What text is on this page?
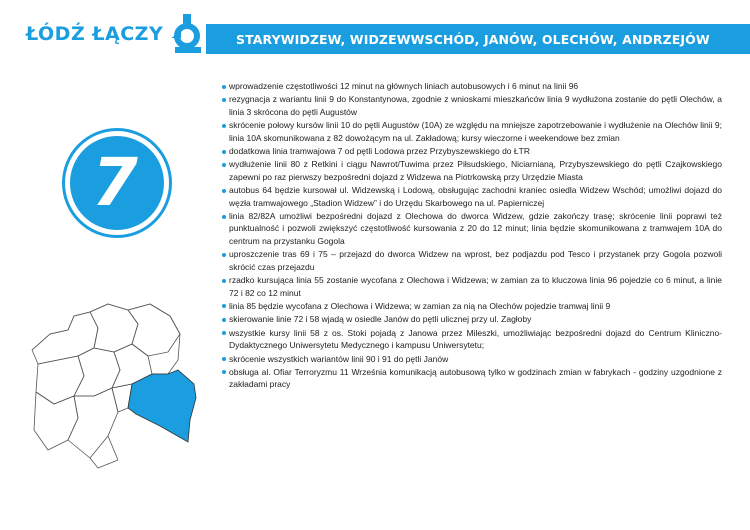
ŁÓDŹ ŁĄCZY	STARYWIDZEW, WIDZEWWSCHÓD, JANÓW, OLECHÓW, ANDRZEJÓW
7
wprowadzenie częstotliwości 12 minut na głównych liniach autobusowych i 6 minut na linii 96
rezygnacja z wariantu linii 9 do Konstantynowa, zgodnie z wnioskami mieszkańców linia 9 wydłużona zostanie do pętli Olechów, a linia 3 skrócona do pętli Augustów
skrócenie połowy kursów linii 10 do pętli Augustów (10A) ze względu na mniejsze zapotrzebowanie i wydłużenie na Olechów linii 9; linia 10A skomunikowana z 82 dowożącym na ul. Zakładową; kursy wieczorne i weekendowe bez zmian
dodatkowa linia tramwajowa 7 od pętli Lodowa przez Przybyszewskiego do ŁTR
wydłużenie linii 80 z Retkini i ciągu Nawrot/Tuwima przez Piłsudskiego, Niciarnianą, Przybyszewskiego do pętli Czajkowskiego zapewni po raz pierwszy bezpośredni dojazd z Widzewa na Piotrkowską przy Urzędzie Miasta
autobus 64 będzie kursował ul. Widzewską i Lodową, obsługując zachodni kraniec osiedla Widzew Wschód; umożliwi dojazd do węzła tramwajowego „Stadion Widzew” i do Urzędu Skarbowego na ul. Papierniczej
linia 82/82A umożliwi bezpośredni dojazd z Olechowa do dworca Widzew, gdzie zakończy trasę; skrócenie linii poprawi też punktualność i pozwoli zwiększyć częstotliwość kursowania z 20 do 12 minut; linia będzie skomunikowana z tramwajem 10A do centrum na przystanku Gogola
uproszczenie tras 69 i 75 – przejazd do dworca Widzew na wprost, bez podjazdu pod Tesco i przystanek przy Gogola pozwoli skrócić czas przejazdu
rzadko kursująca linia 55 zostanie wycofana z Olechowa i Widzewa; w zamian za to kluczowa linia 96 pojedzie co 6 minut, a linie 72 i 82 co 12 minut
linia 85 będzie wycofana z Olechowa i Widzewa; w zamian za nią na Olechów pojedzie tramwaj linii 9
skierowanie linie 72 i 58 wjadą w osiedle Janów do pętli ulicznej przy ul. Zagłoby
wszystkie kursy linii 58 z os. Stoki pojadą z Janowa przez Mileszki, umożliwiając bezpośredni dojazd do Centrum Kliniczno-Dydaktycznego Uniwersytetu Medycznego i kampusu Uniwersytetu;
skrócenie wszystkich wariantów linii 90 i 91 do pętli Janów
obsługa al. Ofiar Terroryzmu 11 Września komunikacją autobusową tylko w godzinach zmian w fabrykach - godziny uzgodnione z zakładami pracy
